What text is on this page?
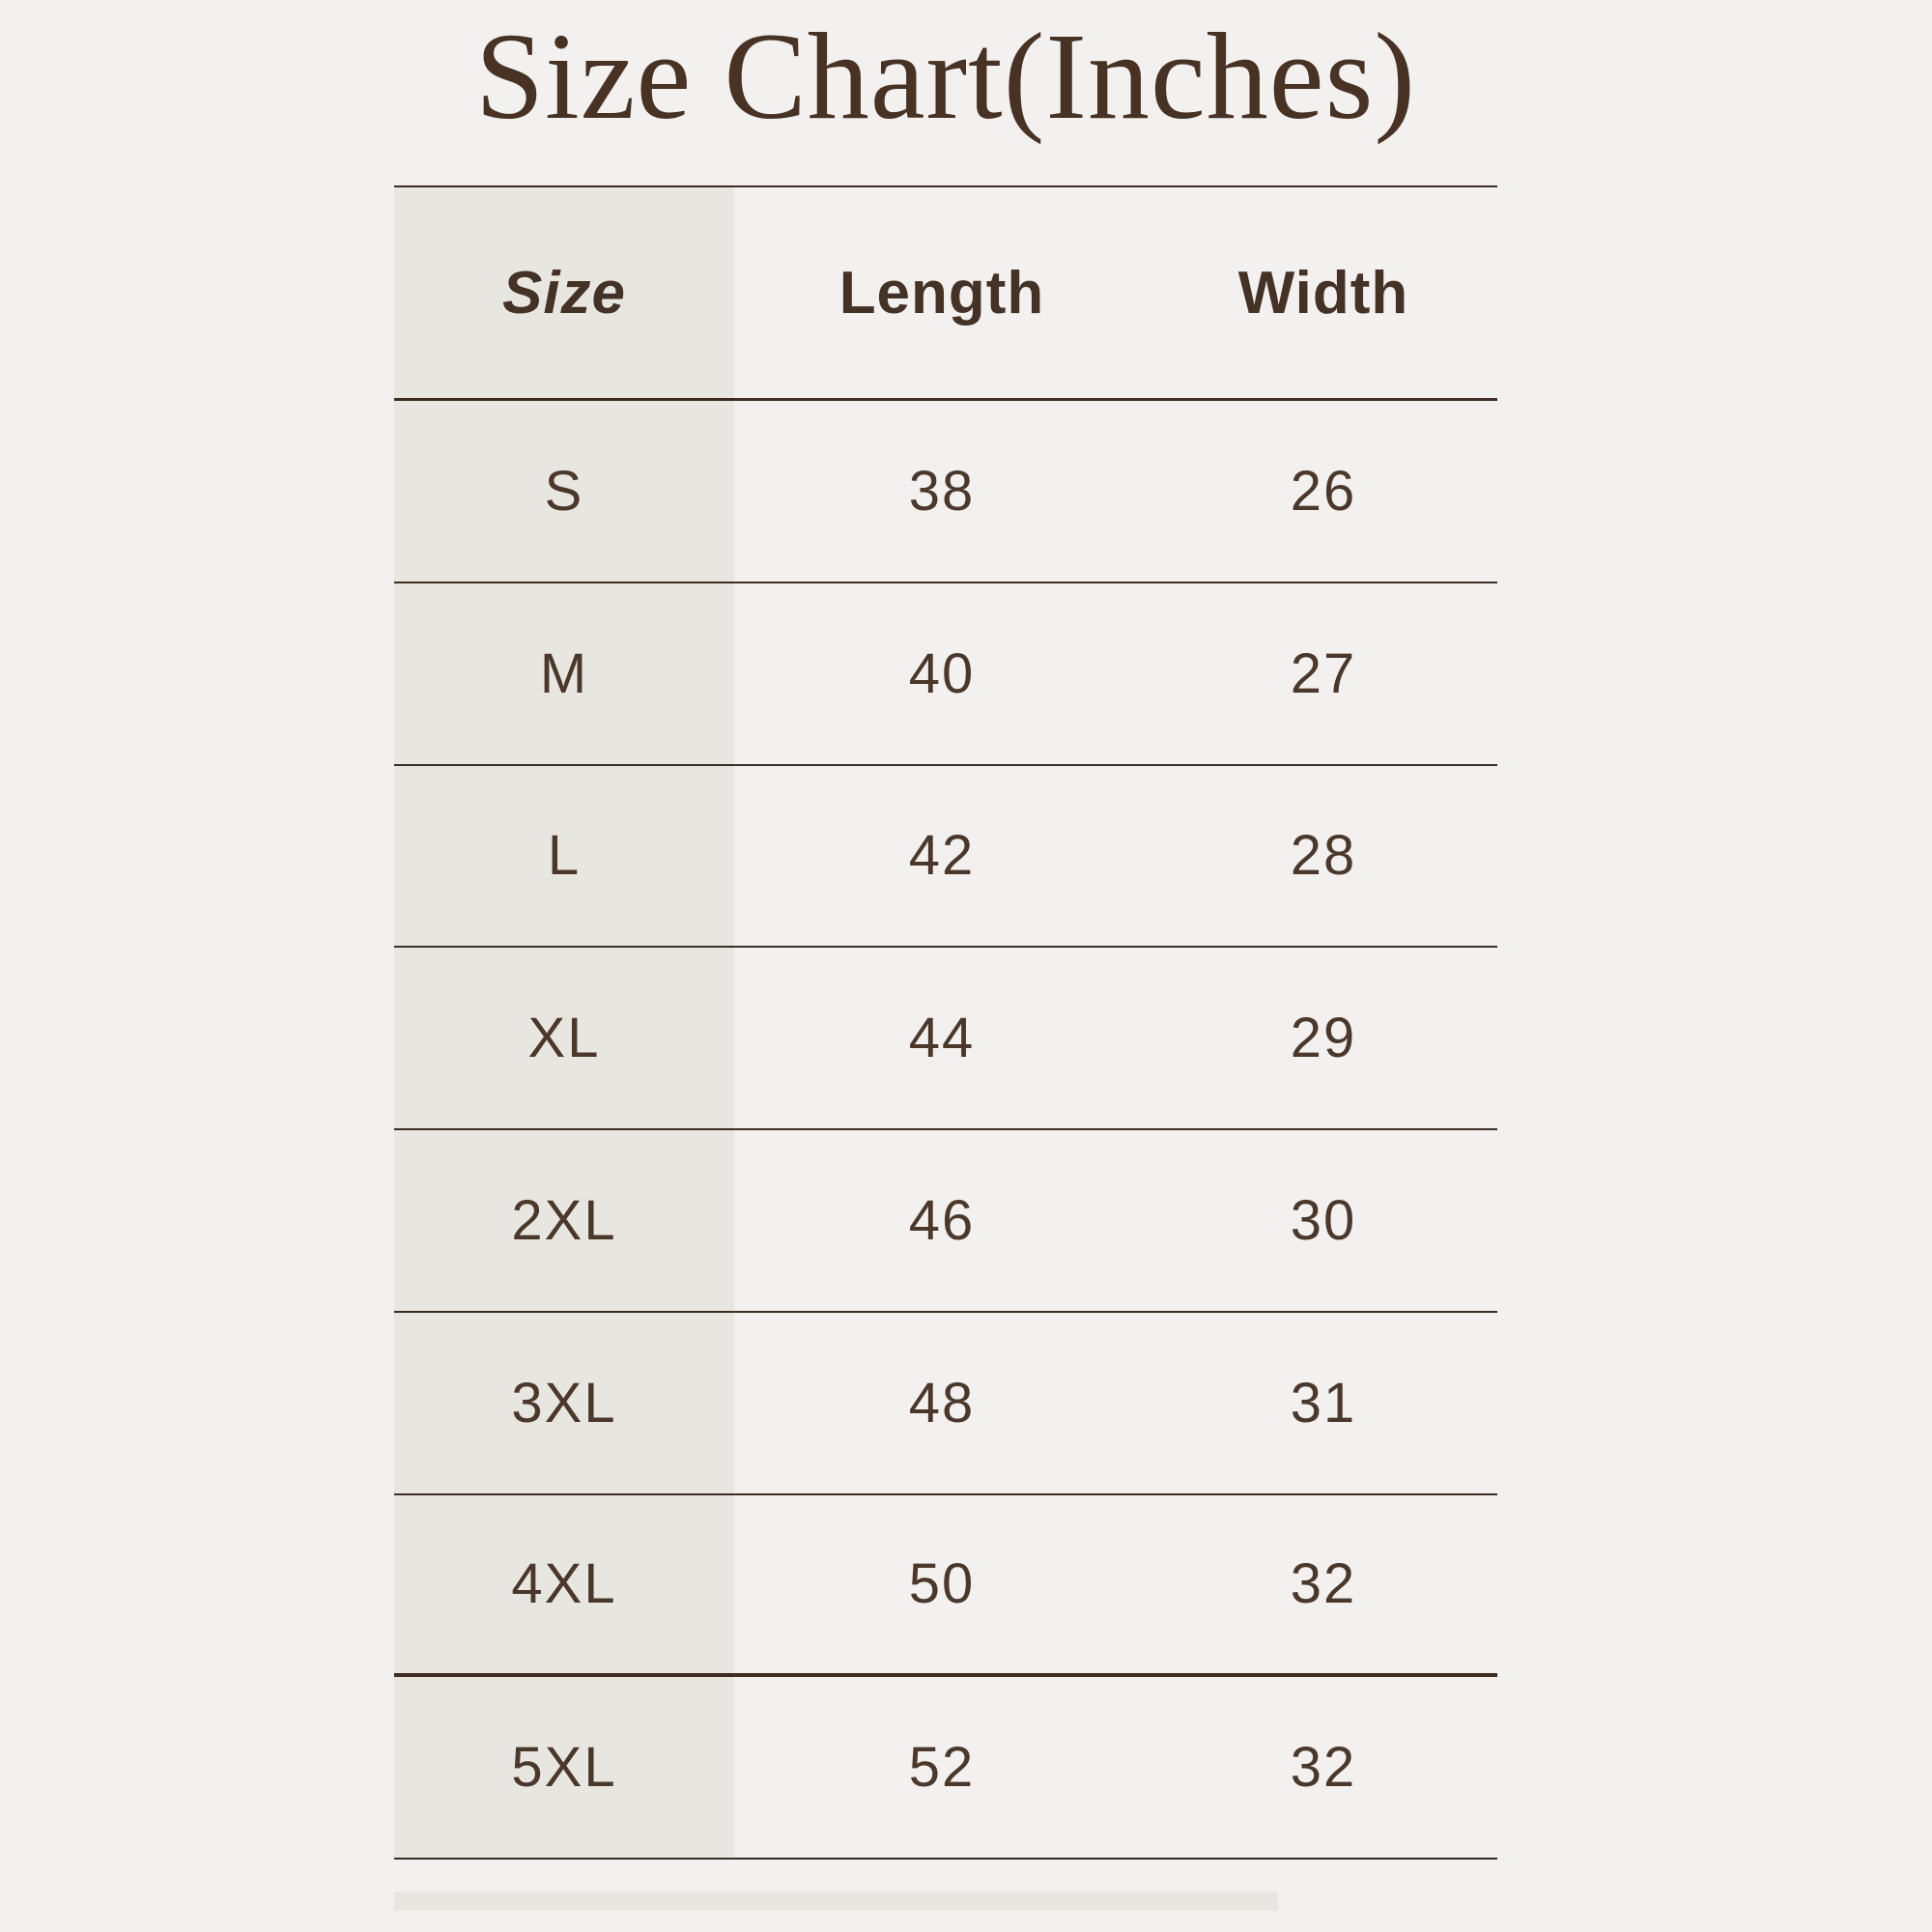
Size Chart(Inches)
Size	Length	Width
S	38	26
M	40	27
L	42	28
XL	44	29
2XL	46	30
3XL	48	31
4XL	50	32
5XL	52	32
